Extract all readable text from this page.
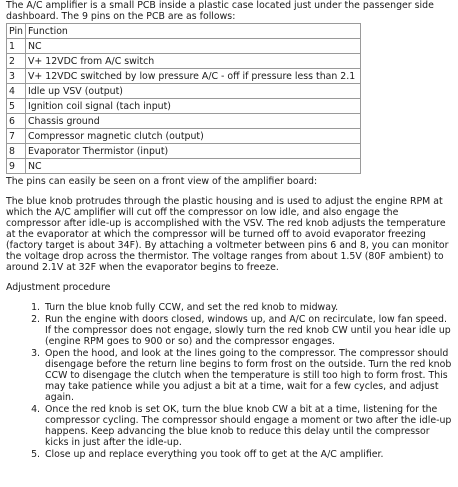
The A/C amplifier is a small PCB inside a plastic case located just under the passenger side dashboard. The 9 pins on the PCB are as follows:

Pin	Function
1	NC
2	V+ 12VDC from A/C switch
3	V+ 12VDC switched by low pressure A/C - off if pressure less than 2.1
4	Idle up VSV (output)
5	Ignition coil signal (tach input)
6	Chassis ground
7	Compressor magnetic clutch (output)
8	Evaporator Thermistor (input)
9	NC

The pins can easily be seen on a front view of the amplifier board:

The blue knob protrudes through the plastic housing and is used to adjust the engine RPM at which the A/C amplifier will cut off the compressor on low idle, and also engage the compressor after idle-up is accomplished with the VSV. The red knob adjusts the temperature at the evaporator at which the compressor will be turned off to avoid evaporator freezing (factory target is about 34F). By attaching a voltmeter between pins 6 and 8, you can monitor the voltage drop across the thermistor. The voltage ranges from about 1.5V (80F ambient) to around 2.1V at 32F when the evaporator begins to freeze.

Adjustment procedure

1. Turn the blue knob fully CCW, and set the red knob to midway.
2. Run the engine with doors closed, windows up, and A/C on recirculate, low fan speed. If the compressor does not engage, slowly turn the red knob CW until you hear idle up (engine RPM goes to 900 or so) and the compressor engages.
3. Open the hood, and look at the lines going to the compressor. The compressor should disengage before the return line begins to form frost on the outside. Turn the red knob CCW to disengage the clutch when the temperature is still too high to form frost. This may take patience while you adjust a bit at a time, wait for a few cycles, and adjust again.
4. Once the red knob is set OK, turn the blue knob CW a bit at a time, listening for the compressor cycling. The compressor should engage a moment or two after the idle-up happens. Keep advancing the blue knob to reduce this delay until the compressor kicks in just after the idle-up.
5. Close up and replace everything you took off to get at the A/C amplifier.
